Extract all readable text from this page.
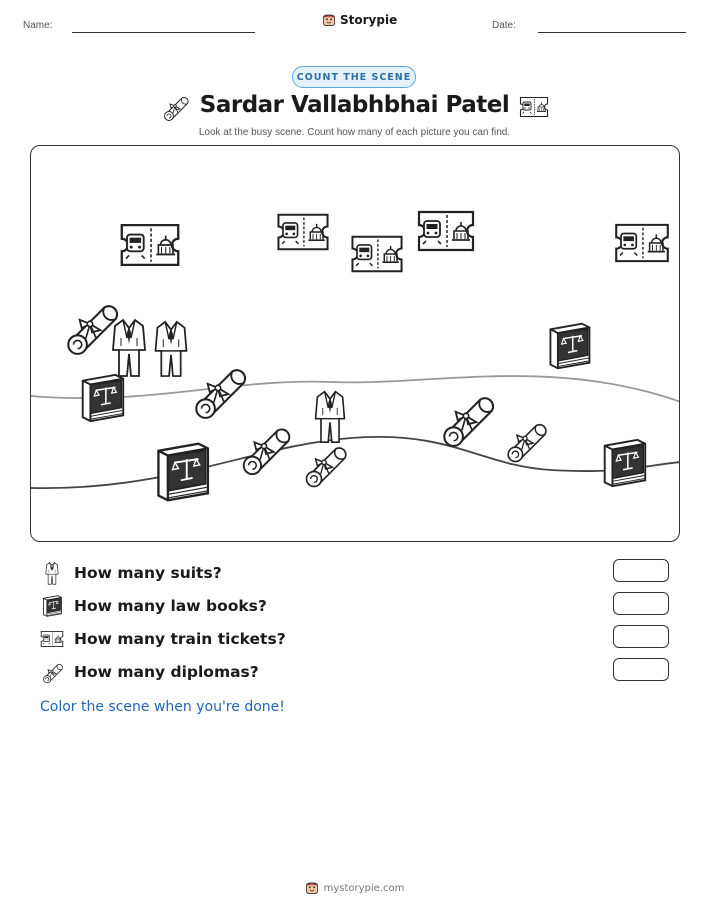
Name:	Storypie	Date:
COUNT THE SCENE
Sardar Vallabhbhai Patel
Look at the busy scene. Count how many of each picture you can find.
How many suits?
How many law books?
How many train tickets?
How many diplomas?
Color the scene when you're done!
mystorypie.com
